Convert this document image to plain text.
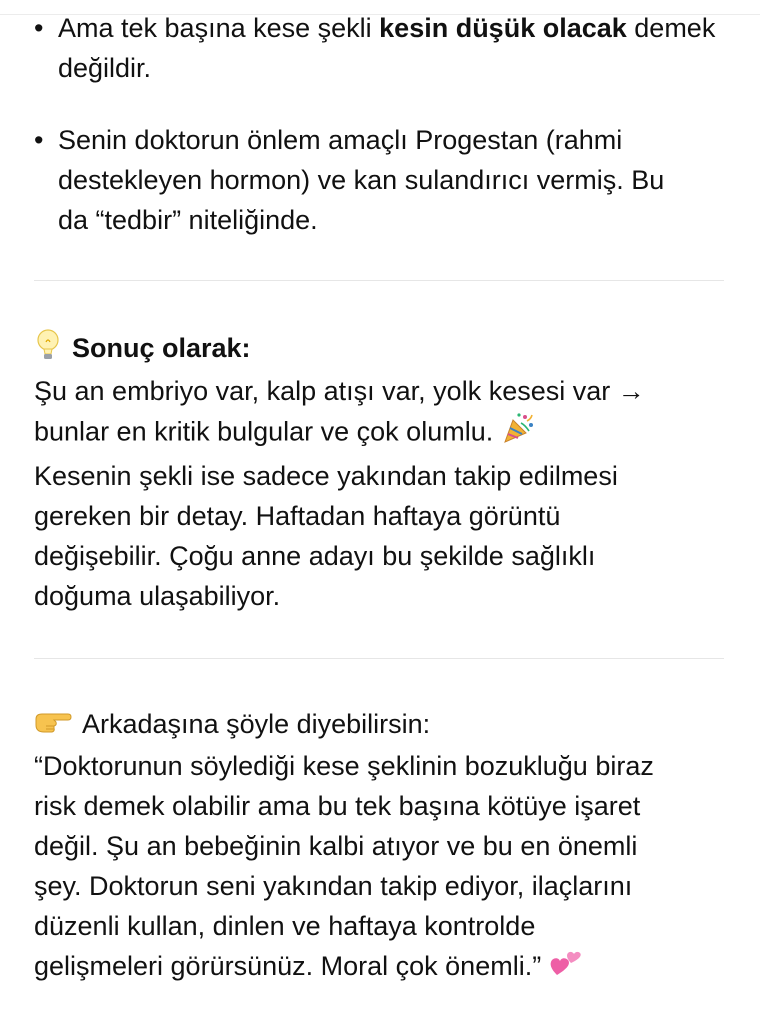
• Ama tek başına kese şekli kesin düşük olacak demek değildir.
• Senin doktorun önlem amaçlı Progestan (rahmi
destekleyen hormon) ve kan sulandırıcı vermiş. Bu
da “tedbir” niteliğinde.
Sonuç olarak:
Şu an embriyo var, kalp atışı var, yolk kesesi var →
bunlar en kritik bulgular ve çok olumlu.
Kesenin şekli ise sadece yakından takip edilmesi
gereken bir detay. Haftadan haftaya görüntü
değişebilir. Çoğu anne adayı bu şekilde sağlıklı
doğuma ulaşabiliyor.
Arkadaşına şöyle diyebilirsin:
“Doktorunun söylediği kese şeklinin bozukluğu biraz
risk demek olabilir ama bu tek başına kötüye işaret
değil. Şu an bebeğinin kalbi atıyor ve bu en önemli
şey. Doktorun seni yakından takip ediyor, ilaçlarını
düzenli kullan, dinlen ve haftaya kontrolde
gelişmeleri görürsünüz. Moral çok önemli.”
